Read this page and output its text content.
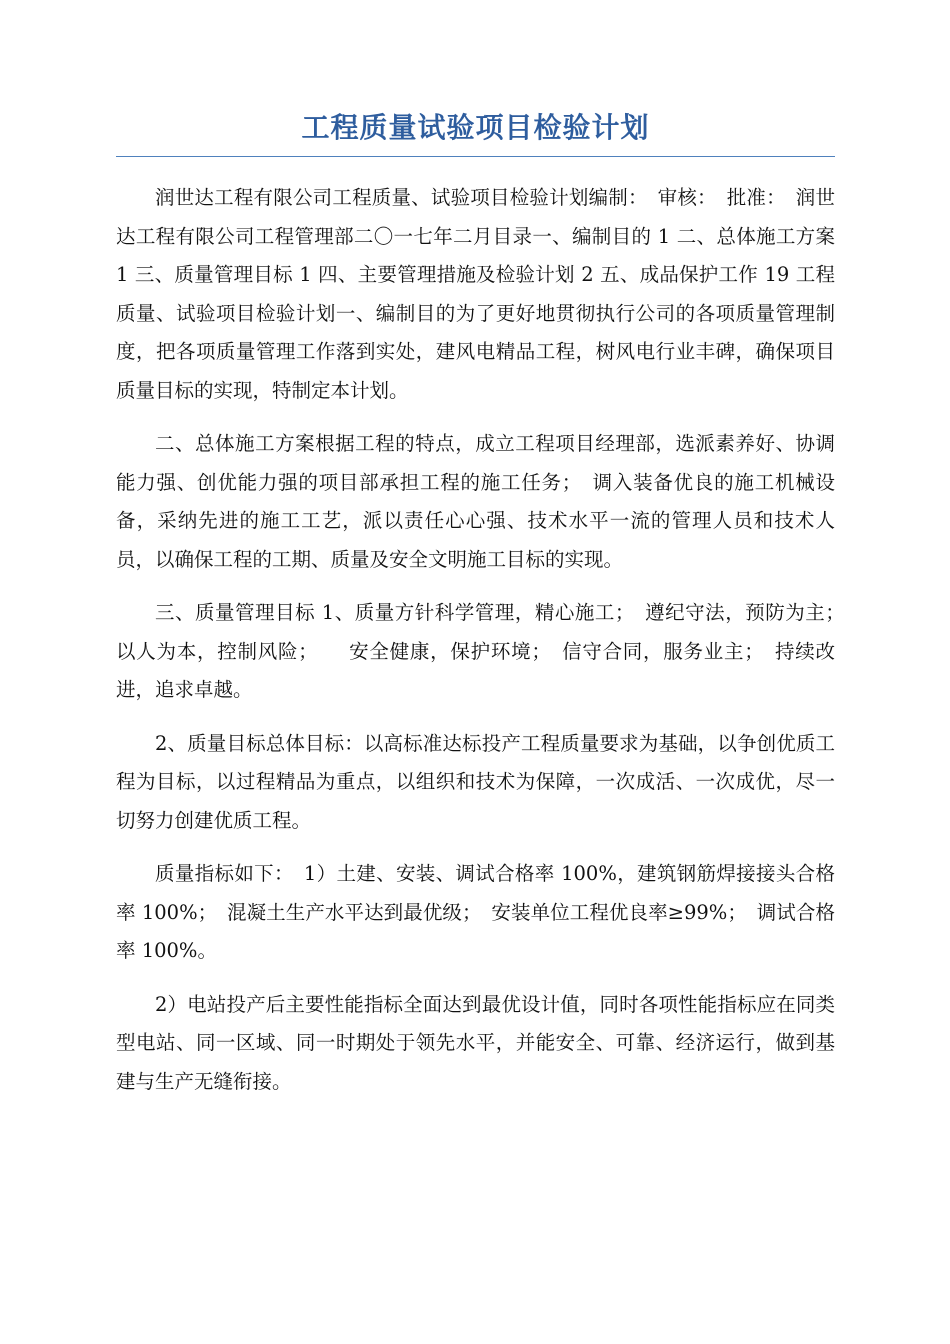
工程质量试验项目检验计划

润世达工程有限公司工程质量、试验项目检验计划编制：　审核：　批准：　润世达工程有限公司工程管理部二〇一七年二月目录一、编制目的 1 二、总体施工方案 1 三、质量管理目标 1 四、主要管理措施及检验计划 2 五、成品保护工作 19 工程质量、试验项目检验计划一、编制目的为了更好地贯彻执行公司的各项质量管理制度，把各项质量管理工作落到实处，建风电精品工程，树风电行业丰碑，确保项目质量目标的实现，特制定本计划。

二、总体施工方案根据工程的特点，成立工程项目经理部，选派素养好、协调能力强、创优能力强的项目部承担工程的施工任务；　调入装备优良的施工机械设备，采纳先进的施工工艺，派以责任心心强、技术水平一流的管理人员和技术人员，以确保工程的工期、质量及安全文明施工目标的实现。

三、质量管理目标 1、质量方针科学管理，精心施工；　遵纪守法，预防为主；　以人为本，控制风险；　　安全健康，保护环境；　信守合同，服务业主；　持续改进，追求卓越。

2、质量目标总体目标：以高标准达标投产工程质量要求为基础，以争创优质工程为目标，以过程精品为重点，以组织和技术为保障，一次成活、一次成优，尽一切努力创建优质工程。

质量指标如下：　1）土建、安装、调试合格率 100%，建筑钢筋焊接接头合格率 100%；　混凝土生产水平达到最优级；　安装单位工程优良率≥99%；　调试合格率 100%。

2）电站投产后主要性能指标全面达到最优设计值，同时各项性能指标应在同类型电站、同一区域、同一时期处于领先水平，并能安全、可靠、经济运行，做到基建与生产无缝衔接。
